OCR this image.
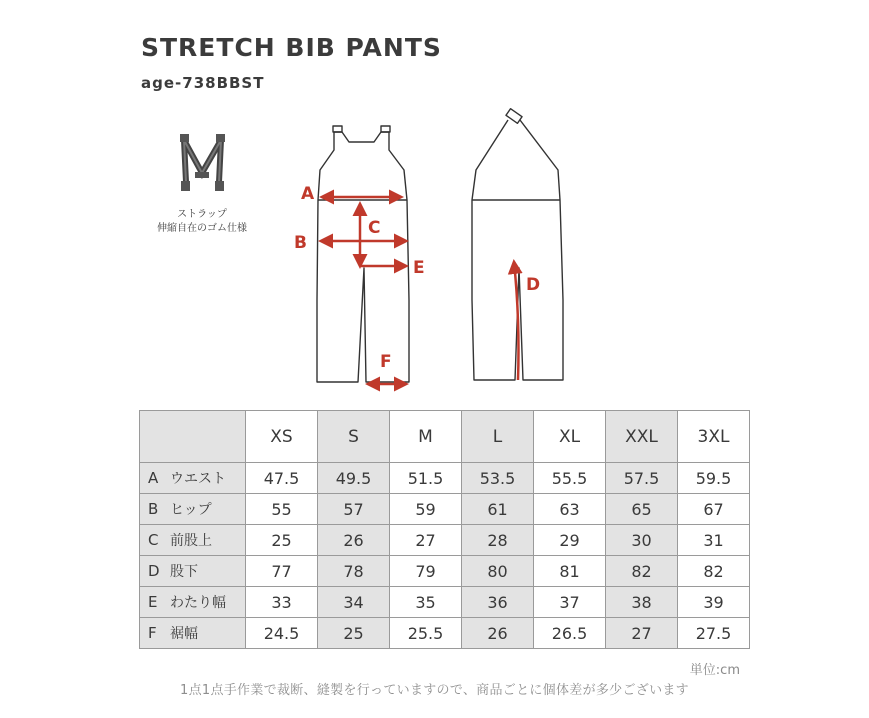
STRETCH BIB PANTS
age-738BBST
A
B
C
D
E
F
ストラップ
伸縮自在のゴム仕様
	XS	S	M	L	XL	XXL	3XL
A ウエスト	47.5	49.5	51.5	53.5	55.5	57.5	59.5
B ヒップ	55	57	59	61	63	65	67
C 前股上	25	26	27	28	29	30	31
D 股下	77	78	79	80	81	82	82
E わたり幅	33	34	35	36	37	38	39
F 裾幅	24.5	25	25.5	26	26.5	27	27.5
単位:cm
1点1点手作業で裁断、縫製を行っていますので、商品ごとに個体差が多少ございます
